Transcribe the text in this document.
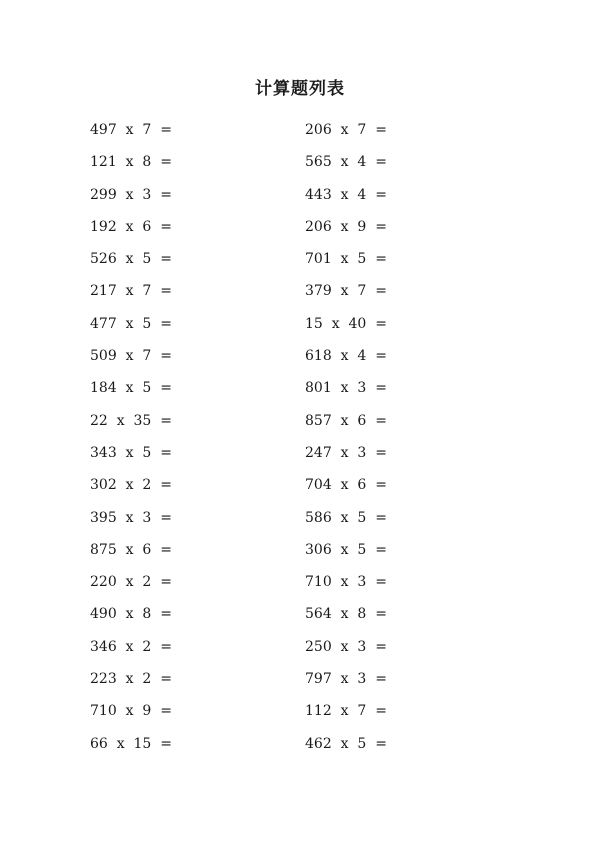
计算题列表
497  x  7  =
121  x  8  =
299  x  3  =
192  x  6  =
526  x  5  =
217  x  7  =
477  x  5  =
509  x  7  =
184  x  5  =
22  x  35  =
343  x  5  =
302  x  2  =
395  x  3  =
875  x  6  =
220  x  2  =
490  x  8  =
346  x  2  =
223  x  2  =
710  x  9  =
66  x  15  =
206  x  7  =
565  x  4  =
443  x  4  =
206  x  9  =
701  x  5  =
379  x  7  =
15  x  40  =
618  x  4  =
801  x  3  =
857  x  6  =
247  x  3  =
704  x  6  =
586  x  5  =
306  x  5  =
710  x  3  =
564  x  8  =
250  x  3  =
797  x  3  =
112  x  7  =
462  x  5  =
